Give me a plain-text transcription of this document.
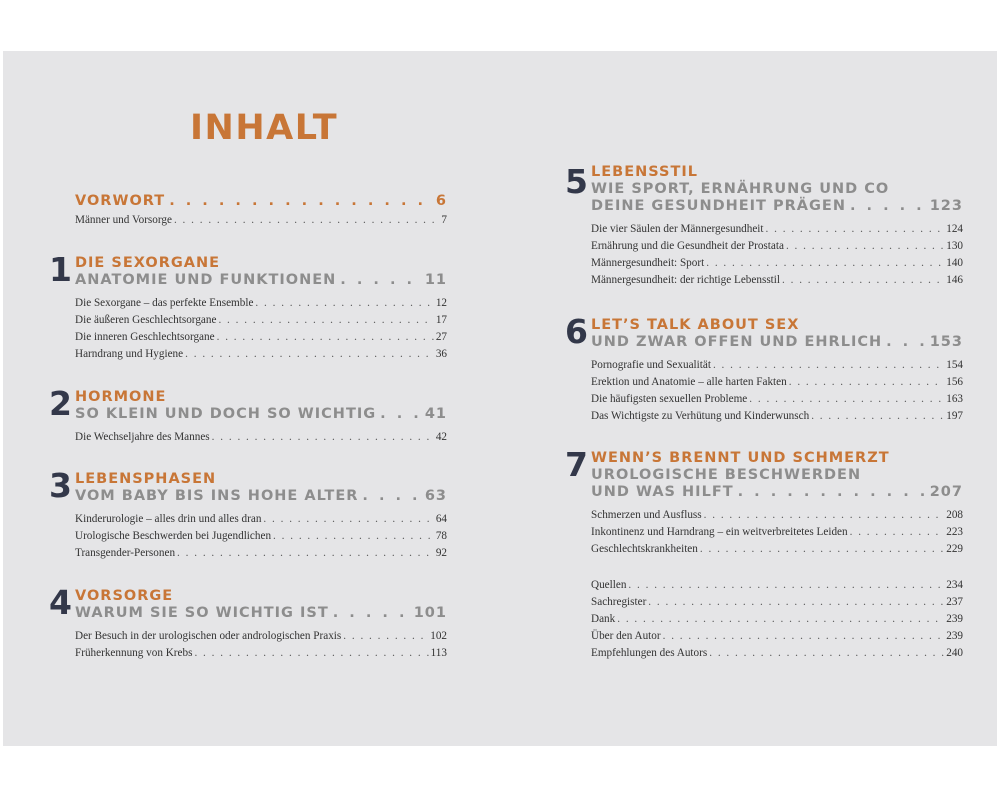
INHALT
VORWORT . . .	6
Männer und Vorsorge . . .	7
1 DIE SEXORGANE
ANATOMIE UND FUNKTIONEN . . .	11
Die Sexorgane – das perfekte Ensemble . . .	12
Die äußeren Geschlechtsorgane . . .	17
Die inneren Geschlechtsorgane . . .	27
Harndrang und Hygiene . . .	36
2 HORMONE
SO KLEIN UND DOCH SO WICHTIG . . .	41
Die Wechseljahre des Mannes . . .	42
3 LEBENSPHASEN
VOM BABY BIS INS HOHE ALTER . . .	63
Kinderurologie – alles drin und alles dran . . .	64
Urologische Beschwerden bei Jugendlichen . . .	78
Transgender-Personen . . .	92
4 VORSORGE
WARUM SIE SO WICHTIG IST . . .	101
Der Besuch in der urologischen oder andrologischen Praxis . . .	102
Früherkennung von Krebs . . .	113
5 LEBENSSTIL
WIE SPORT, ERNÄHRUNG UND CO
DEINE GESUNDHEIT PRÄGEN . . .	123
Die vier Säulen der Männergesundheit . . .	124
Ernährung und die Gesundheit der Prostata . . .	130
Männergesundheit: Sport . . .	140
Männergesundheit: der richtige Lebensstil . . .	146
6 LET’S TALK ABOUT SEX
UND ZWAR OFFEN UND EHRLICH . . .	153
Pornografie und Sexualität . . .	154
Erektion und Anatomie – alle harten Fakten . . .	156
Die häufigsten sexuellen Probleme . . .	163
Das Wichtigste zu Verhütung und Kinderwunsch . . .	197
7 WENN’S BRENNT UND SCHMERZT
UROLOGISCHE BESCHWERDEN
UND WAS HILFT . . .	207
Schmerzen und Ausfluss . . .	208
Inkontinenz und Harndrang – ein weitverbreitetes Leiden . . .	223
Geschlechtskrankheiten . . .	229
Quellen . . .	234
Sachregister . . .	237
Dank . . .	239
Über den Autor . . .	239
Empfehlungen des Autors . . .	240
